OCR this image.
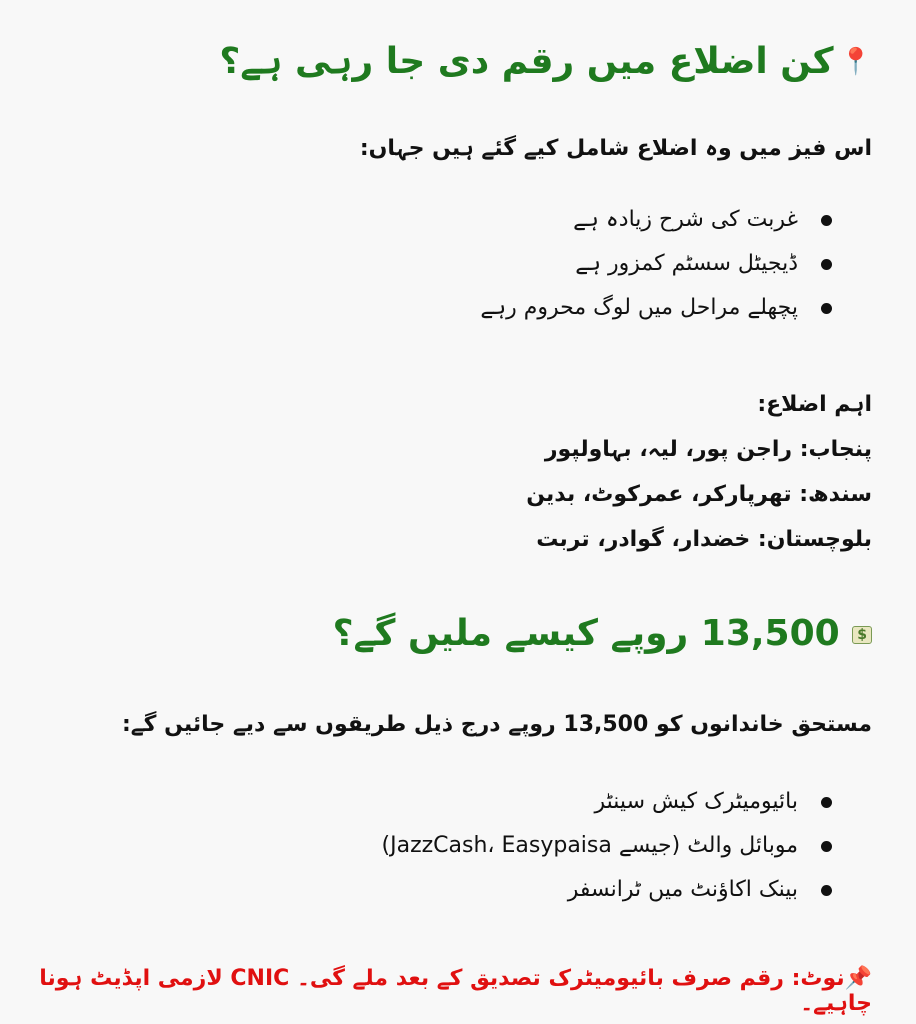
📍کن اضلاع میں رقم دی جا رہی ہے؟
اس فیز میں وہ اضلاع شامل کیے گئے ہیں جہاں:
غربت کی شرح زیادہ ہے
ڈیجیٹل سسٹم کمزور ہے
پچھلے مراحل میں لوگ محروم رہے
اہم اضلاع:
پنجاب: راجن پور، لیہ، بہاولپور
سندھ: تھرپارکر، عمرکوٹ، بدین
بلوچستان: خضدار، گوادر، تربت
$ 13,500 روپے کیسے ملیں گے؟
مستحق خاندانوں کو 13,500 روپے درج ذیل طریقوں سے دیے جائیں گے:
بائیومیٹرک کیش سینٹر
موبائل والٹ (جیسے JazzCash، Easypaisa)
بینک اکاؤنٹ میں ٹرانسفر
📌نوٹ: رقم صرف بائیومیٹرک تصدیق کے بعد ملے گی۔ CNIC لازمی اپڈیٹ ہونا چاہیے۔
